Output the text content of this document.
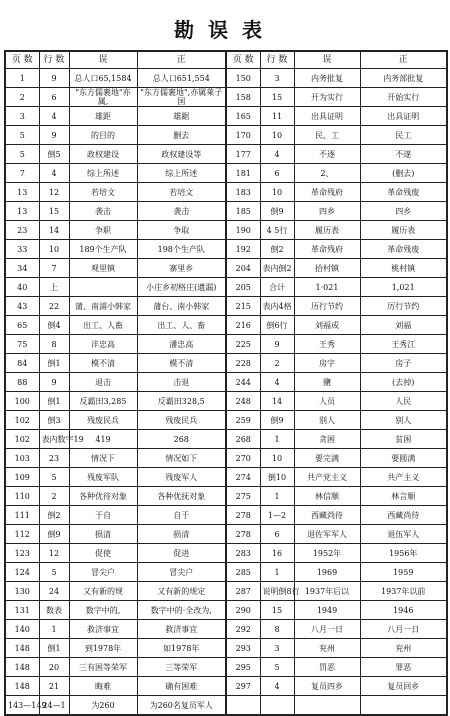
勘误表
页 数	行 数	误	正	页 数	行 数	误	正
1	9	总人口65,1584	总人口651,554	150	3	内务批复	内务部批复
2	6	"东方儒裹地"亦属,	"东方儒裹地",亦属萊子国	158	15	开为实行	开始实行
3	4	雄距	雄踞	165	11	出具证明	出具证明
5	9	的目的	删去	170	10	民、工	民工
5	倒5	政权建设	政权建设等	177	4	不逐	不遂
7	4	综上所述	综上所述	181	6	2、	(删去)
13	12	若培文	若培文	183	10	革命残府	革命残废
13	15	袭击	袭击	185	倒9	四乡	四乡
23	14	争职	争取	190	4 5行	履历表	履历表
33	10	189个生产队	198个生产队	192	倒2	革命残府	革命残废
34	7	观里镇	寨里乡	204	表内倒2	拾村镇	桃村镇
40	上		小庄乡初格庄(遗漏)	205	合计	1·021	1,021
43	22	蒲、南浦小韩家	蒲台、南小韩家	215	表内4格	历行节约	厉行节约
65	倒4	出工、人畜	出工、人、畜	216	倒6行	刘福成	刘福
75	8	沣忠高	潘忠高	225	9	王秀	王秀江
84	倒1	模不清	模不清	228	2	房字	房子
88	9	退击	击退	244	4	鹽	(去掉)
100	倒1	反霸田3,285	反霸田328,5	248	14	人员	人民
102	倒3	残废民兵	残废民兵	259	倒9	别人	别人
102	表内数字19	419	268	268	1	贪困	贫困
103	23	情况下	情况如下	270	10	要完满	要圆满
109	5	残废军队	残废军人	274	倒10	共产党主义	共产主义
110	2	各种优待对象	各种优抚对象	275	1	林信顺	林言顺
111	倒2	于自	自于	278	1—2	西藏尚待	西藏尚待
112	倒9	损清	损清	278	6	退佐军军人	退伍军人
123	12	促使	促进	283	16	1952年	1956年
124	5	冒尖户	冒尖户	285	1	1969	1959
130	24	又有新的规	又有新的规定	287	说明倒8行	1937年后以	1937年以前
131	数表	数字中的,	数字中的·全改为,	290	15	1949	1946
140	1	救济事宜	救济事宜	292	8	八月一日	八月一日
148	倒1	到1978年	如1978年	293	3	兖州	兖州
148	20	三有困等荣军	三等荣军	295	5	罚恶	罪恶
148	21	晦难	确有困难	297	4	复员四乡	复员回乡
143—149	24—1	为260	为260名复员军人				
